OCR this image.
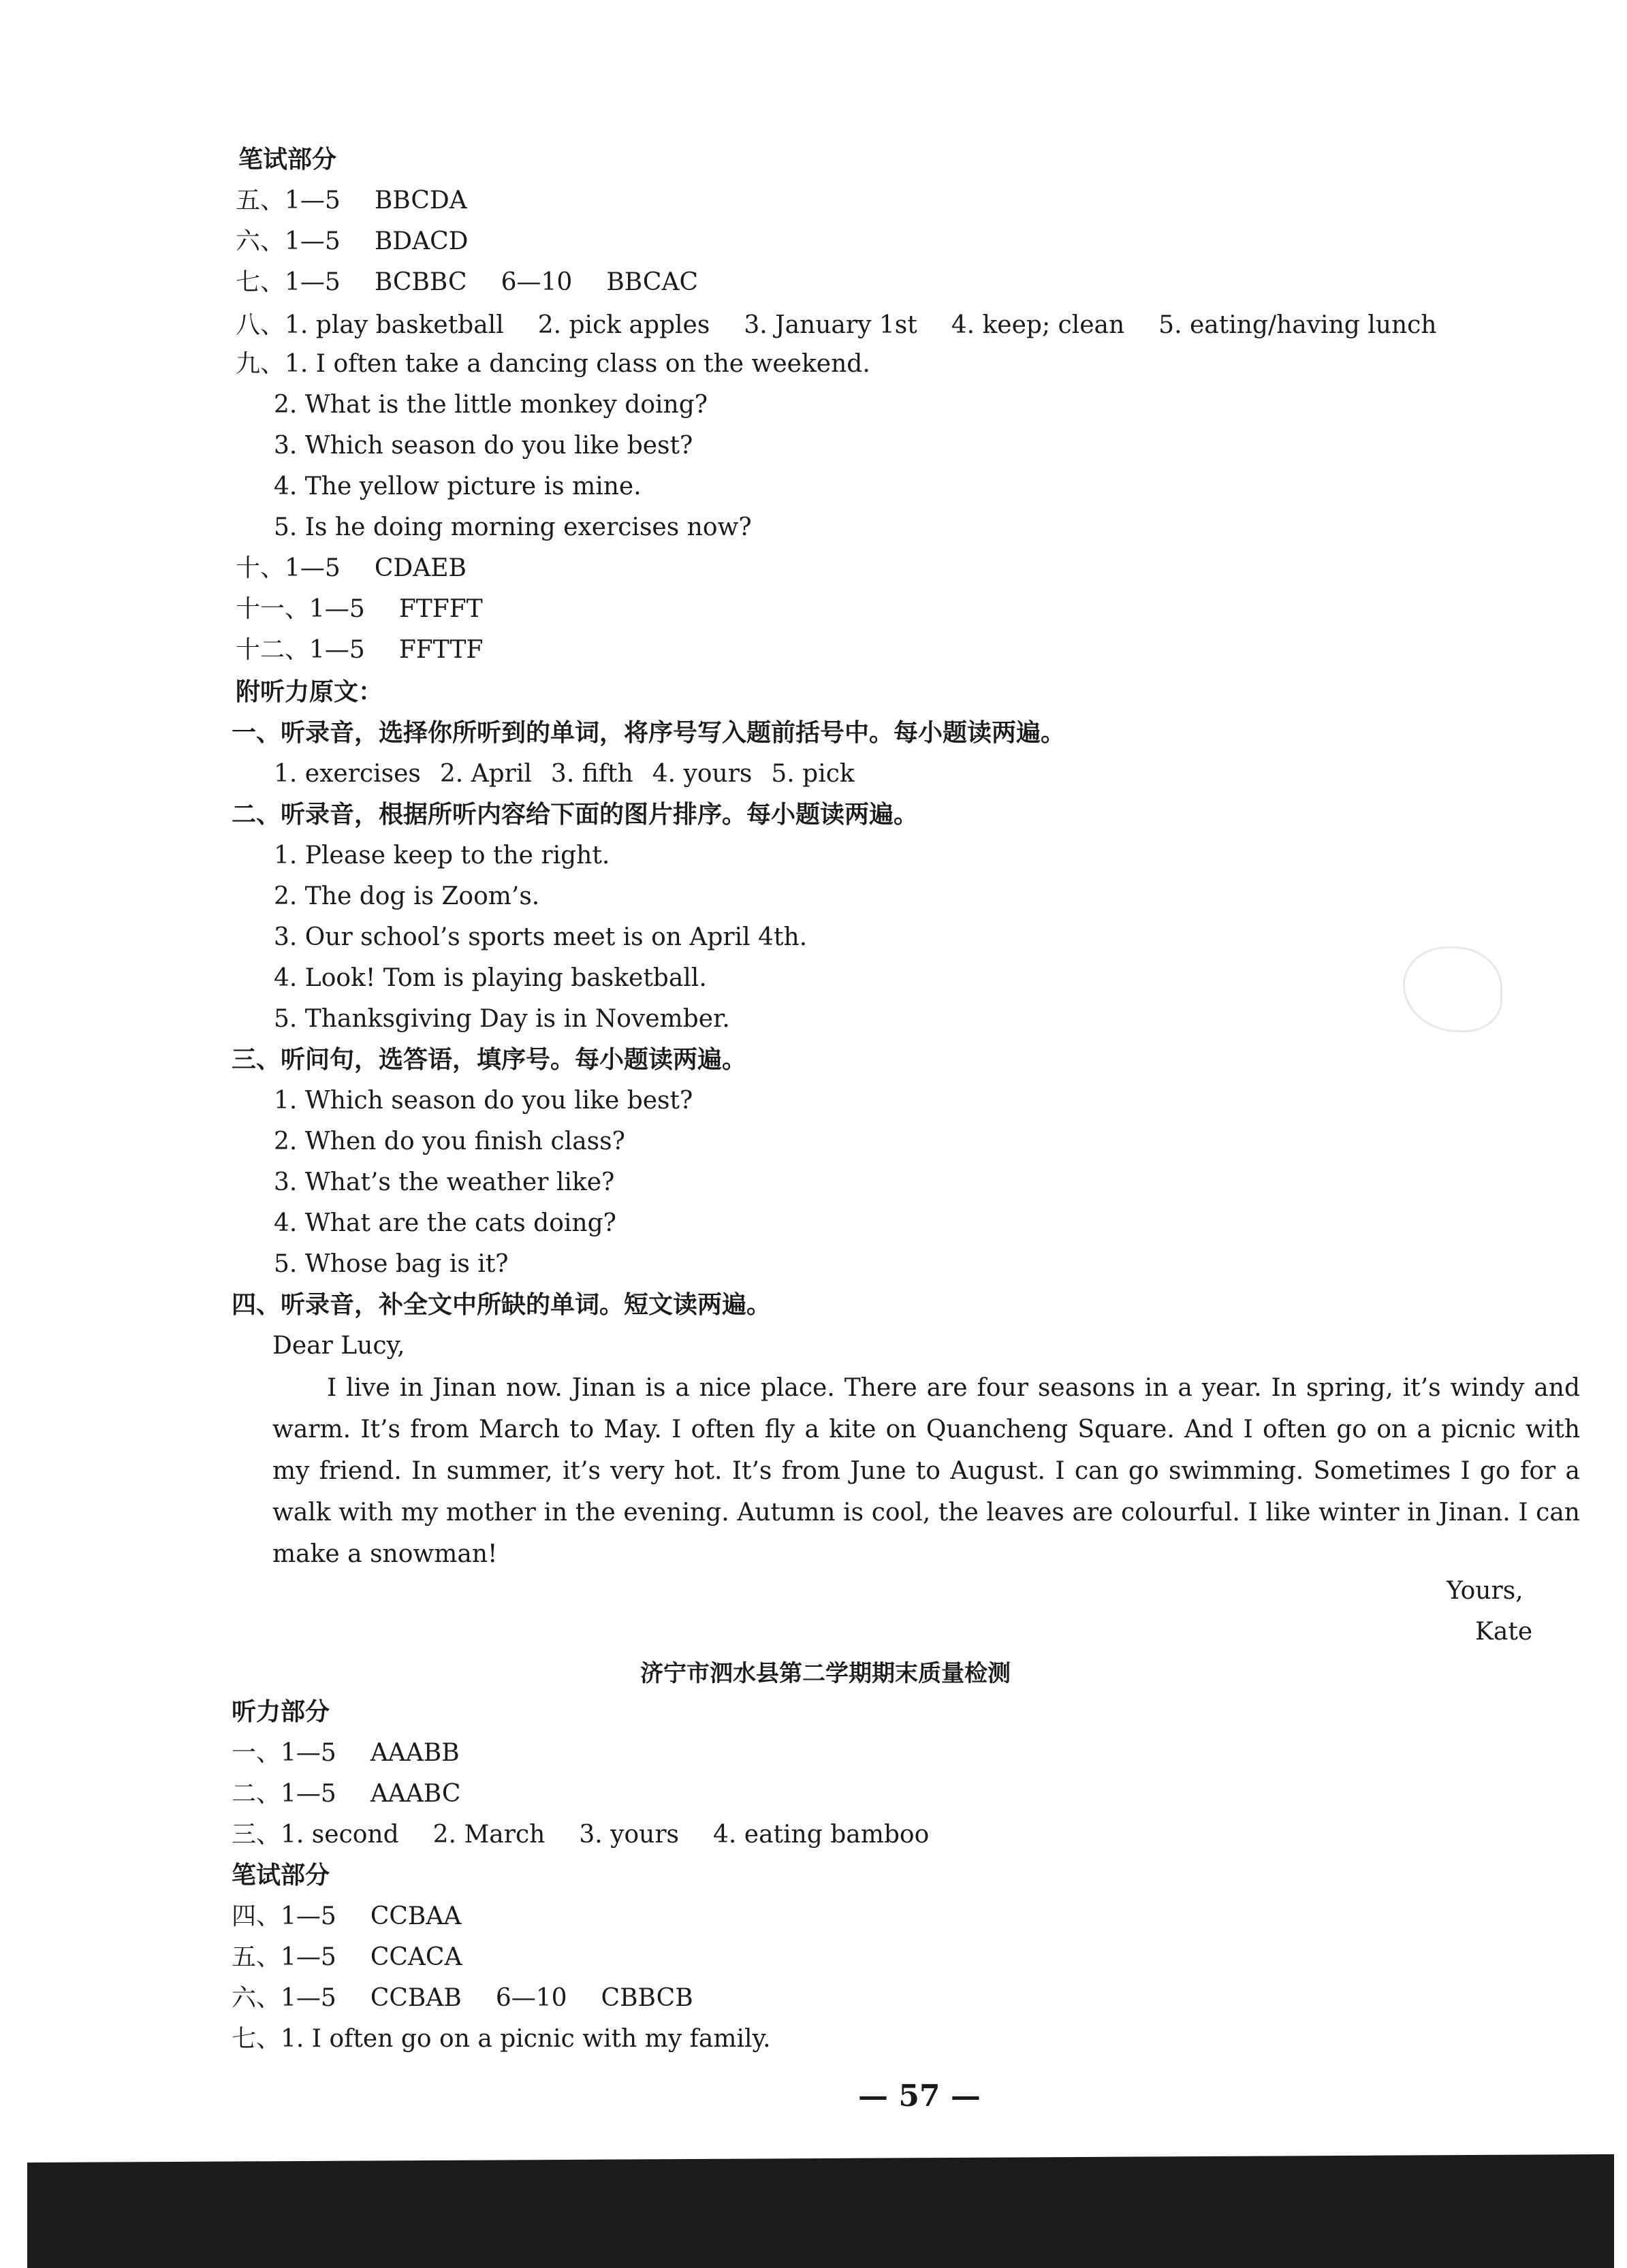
笔试部分
五、1—5 BBCDA
六、1—5 BDACD
七、1—5 BCBBC 6—10 BBCAC
八、1. play basketball 2. pick apples 3. January 1st 4. keep; clean 5. eating/having lunch
九、1. I often take a dancing class on the weekend.
2. What is the little monkey doing?
3. Which season do you like best?
4. The yellow picture is mine.
5. Is he doing morning exercises now?
十、1—5 CDAEB
十一、1—5 FTFFT
十二、1—5 FFTTF
附听力原文：
一、听录音，选择你所听到的单词，将序号写入题前括号中。每小题读两遍。
1. exercises 2. April 3. fifth 4. yours 5. pick
二、听录音，根据所听内容给下面的图片排序。每小题读两遍。
1. Please keep to the right.
2. The dog is Zoom’s.
3. Our school’s sports meet is on April 4th.
4. Look! Tom is playing basketball.
5. Thanksgiving Day is in November.
三、听问句，选答语，填序号。每小题读两遍。
1. Which season do you like best?
2. When do you finish class?
3. What’s the weather like?
4. What are the cats doing?
5. Whose bag is it?
四、听录音，补全文中所缺的单词。短文读两遍。
Dear Lucy,
I live in Jinan now. Jinan is a nice place. There are four seasons in a year. In spring, it’s windy and warm. It’s from March to May. I often fly a kite on Quancheng Square. And I often go on a picnic with my friend. In summer, it’s very hot. It’s from June to August. I can go swimming. Sometimes I go for a walk with my mother in the evening. Autumn is cool, the leaves are colourful. I like winter in Jinan. I can make a snowman!
Yours,
Kate
济宁市泗水县第二学期期末质量检测
听力部分
一、1—5 AAABB
二、1—5 AAABC
三、1. second 2. March 3. yours 4. eating bamboo
笔试部分
四、1—5 CCBAA
五、1—5 CCACA
六、1—5 CCBAB 6—10 CBBCB
七、1. I often go on a picnic with my family.
— 57 —
